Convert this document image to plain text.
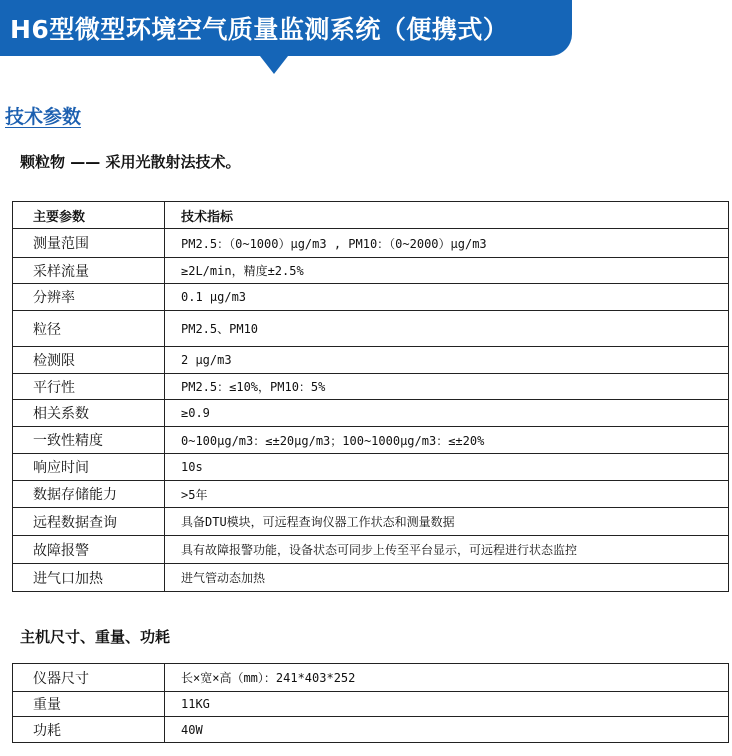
H6型微型环境空气质量监测系统（便携式）
技术参数
颗粒物 —— 采用光散射法技术。
主要参数	技术指标
测量范围	PM2.5：（0~1000）μg/m3 , PM10：（0~2000）μg/m3
采样流量	≥2L/min，精度±2.5%
分辨率	0.1 μg/m3
粒径	PM2.5、PM10
检测限	2 μg/m3
平行性	PM2.5：≤10%，PM10：5%
相关系数	≥0.9
一致性精度	0~100μg/m3：≤±20μg/m3；100~1000μg/m3：≤±20%
响应时间	10s
数据存储能力	>5年
远程数据查询	具备DTU模块，可远程查询仪器工作状态和测量数据
故障报警	具有故障报警功能，设备状态可同步上传至平台显示，可远程进行状态监控
进气口加热	进气管动态加热
主机尺寸、重量、功耗
仪器尺寸	长×宽×高（mm）：241*403*252
重量	11KG
功耗	40W
